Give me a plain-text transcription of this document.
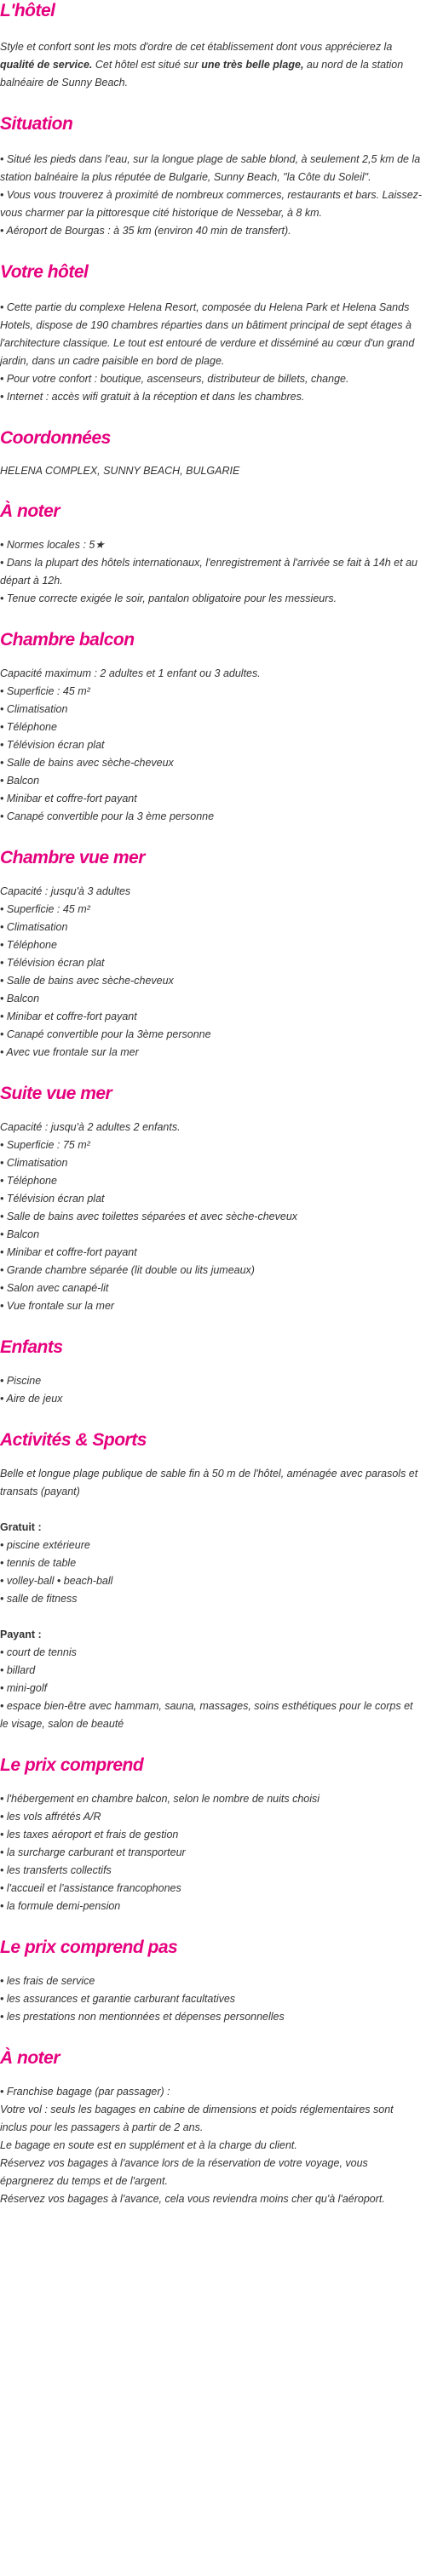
L'hôtel

Style et confort sont les mots d'ordre de cet établissement dont vous apprécierez la qualité de service. Cet hôtel est situé sur une très belle plage, au nord de la station balnéaire de Sunny Beach.

Situation

• Situé les pieds dans l'eau, sur la longue plage de sable blond, à seulement 2,5 km de la station balnéaire la plus réputée de Bulgarie, Sunny Beach, "la Côte du Soleil".

• Vous vous trouverez à proximité de nombreux commerces, restaurants et bars. Laissez-vous charmer par la pittoresque cité historique de Nessebar, à 8 km.

• Aéroport de Bourgas : à 35 km (environ 40 min de transfert).

Votre hôtel

• Cette partie du complexe Helena Resort, composée du Helena Park et Helena Sands Hotels, dispose de 190 chambres réparties dans un bâtiment principal de sept étages à l'architecture classique. Le tout est entouré de verdure et disséminé au cœur d'un grand jardin, dans un cadre paisible en bord de plage.

• Pour votre confort : boutique, ascenseurs, distributeur de billets, change.

• Internet : accès wifi gratuit à la réception et dans les chambres.

Coordonnées

HELENA COMPLEX, SUNNY BEACH, BULGARIE

À noter

• Normes locales : 5★

• Dans la plupart des hôtels internationaux, l'enregistrement à l'arrivée se fait à 14h et au départ à 12h.

• Tenue correcte exigée le soir, pantalon obligatoire pour les messieurs.

Chambre balcon

Capacité maximum : 2 adultes et 1 enfant ou 3 adultes.

• Superficie : 45 m²

• Climatisation

• Téléphone

• Télévision écran plat

• Salle de bains avec sèche-cheveux

• Balcon

• Minibar et coffre-fort payant

• Canapé convertible pour la 3 ème personne

Chambre vue mer

Capacité : jusqu'à 3 adultes

• Superficie : 45 m²

• Climatisation

• Téléphone

• Télévision écran plat

• Salle de bains avec sèche-cheveux

• Balcon

• Minibar et coffre-fort payant

• Canapé convertible pour la 3ème personne

• Avec vue frontale sur la mer

Suite vue mer

Capacité : jusqu'à 2 adultes 2 enfants.

• Superficie : 75 m²

• Climatisation

• Téléphone

• Télévision écran plat

• Salle de bains avec toilettes séparées et avec sèche-cheveux

• Balcon

• Minibar et coffre-fort payant

• Grande chambre séparée (lit double ou lits jumeaux)

• Salon avec canapé-lit

• Vue frontale sur la mer

Enfants

• Piscine

• Aire de jeux

Activités & Sports

Belle et longue plage publique de sable fin à 50 m de l'hôtel, aménagée avec parasols et transats (payant)

Gratuit :

• piscine extérieure

• tennis de table

• volley-ball • beach-ball

• salle de fitness

Payant :

• court de tennis

• billard

• mini-golf

• espace bien-être avec hammam, sauna, massages, soins esthétiques pour le corps et le visage, salon de beauté

Le prix comprend

• l'hébergement en chambre balcon, selon le nombre de nuits choisi

• les vols affrétés A/R

• les taxes aéroport et frais de gestion

• la surcharge carburant et transporteur

• les transferts collectifs

• l'accueil et l'assistance francophones

• la formule demi-pension

Le prix comprend pas

• les frais de service

• les assurances et garantie carburant facultatives

• les prestations non mentionnées et dépenses personnelles

À noter

• Franchise bagage (par passager) :

Votre vol : seuls les bagages en cabine de dimensions et poids réglementaires sont inclus pour les passagers à partir de 2 ans.

Le bagage en soute est en supplément et à la charge du client.

Réservez vos bagages à l'avance lors de la réservation de votre voyage, vous épargnerez du temps et de l'argent.

Réservez vos bagages à l'avance, cela vous reviendra moins cher qu'à l'aéroport.
